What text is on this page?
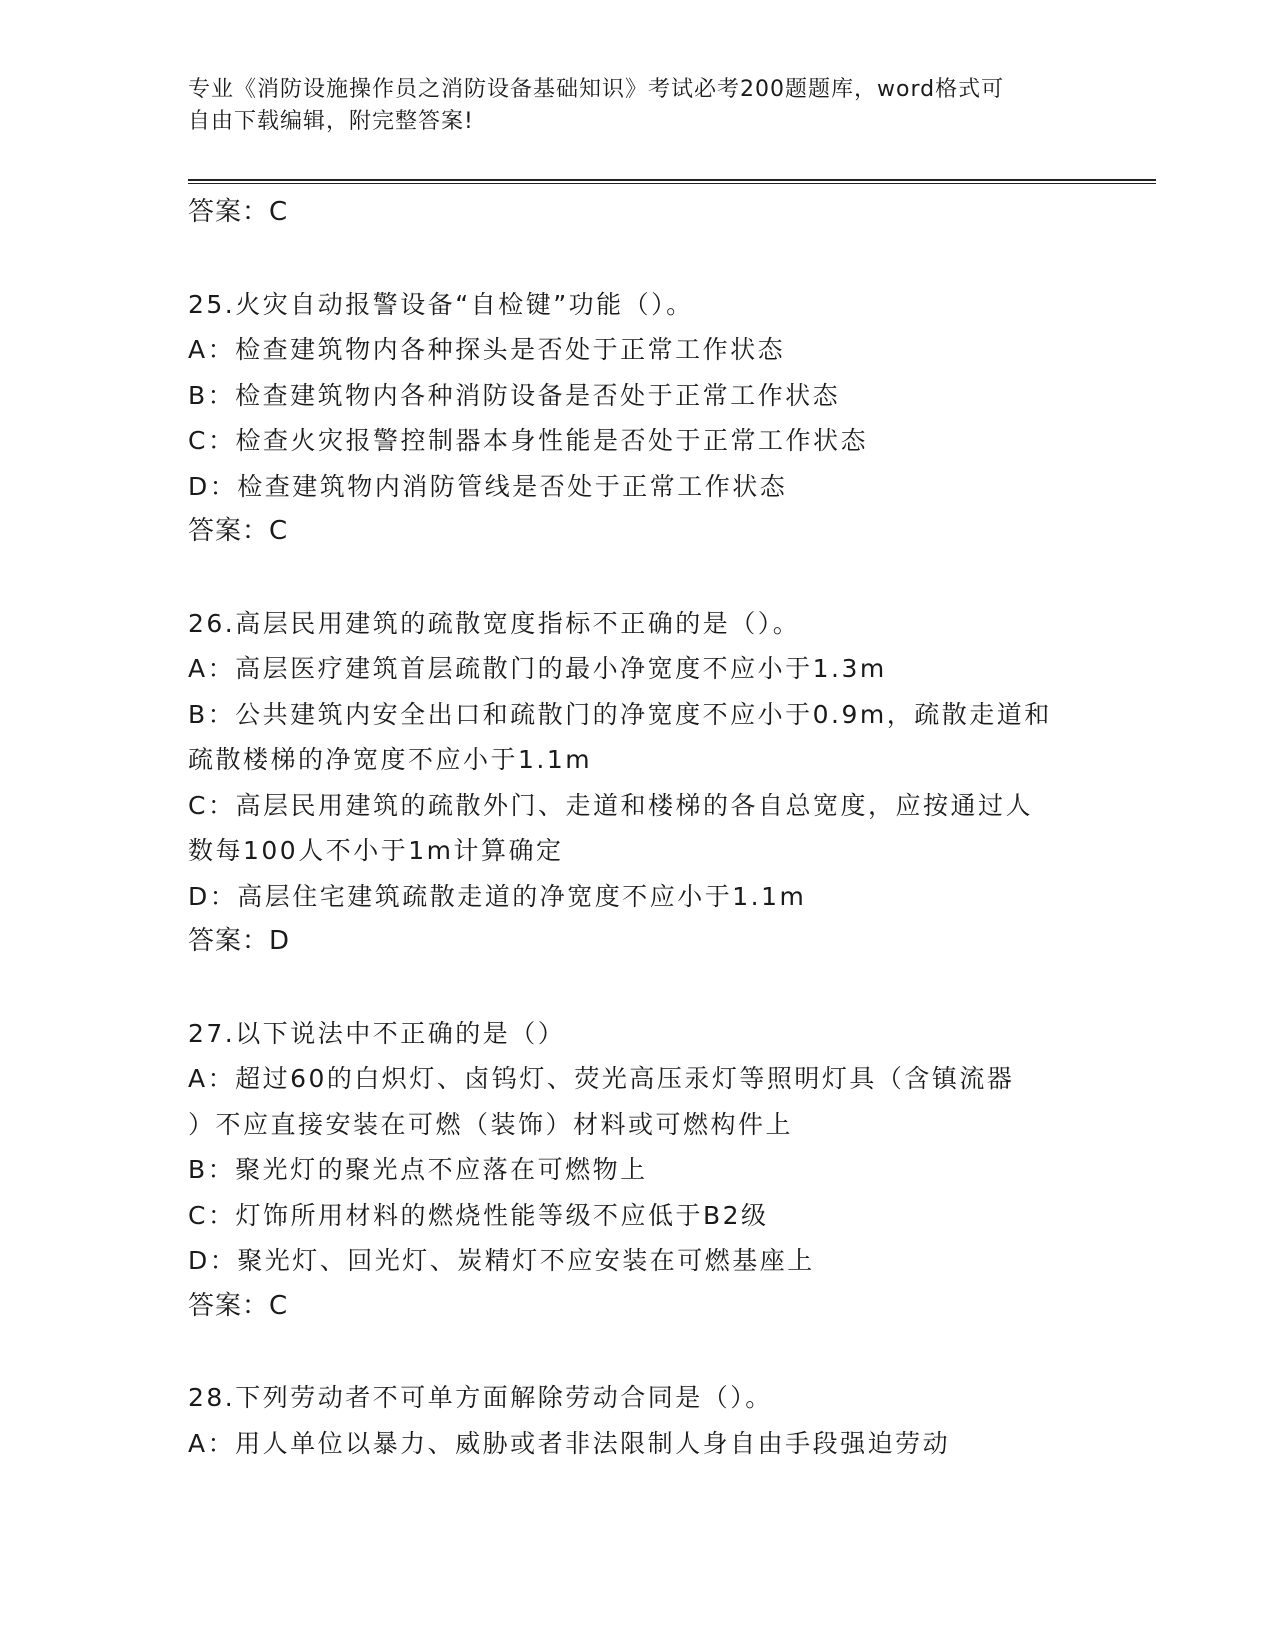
专业《消防设施操作员之消防设备基础知识》考试必考200题题库，word格式可
自由下载编辑，附完整答案!
答案：C
25.火灾自动报警设备“自检键”功能（）。
A：检查建筑物内各种探头是否处于正常工作状态
B：检查建筑物内各种消防设备是否处于正常工作状态
C：检查火灾报警控制器本身性能是否处于正常工作状态
D：检查建筑物内消防管线是否处于正常工作状态
答案：C
26.高层民用建筑的疏散宽度指标不正确的是（）。
A：高层医疗建筑首层疏散门的最小净宽度不应小于1.3m
B：公共建筑内安全出口和疏散门的净宽度不应小于0.9m，疏散走道和
疏散楼梯的净宽度不应小于1.1m
C：高层民用建筑的疏散外门、走道和楼梯的各自总宽度，应按通过人
数每100人不小于1m计算确定
D：高层住宅建筑疏散走道的净宽度不应小于1.1m
答案：D
27.以下说法中不正确的是（）
A：超过60的白炽灯、卤钨灯、荧光高压汞灯等照明灯具（含镇流器
）不应直接安装在可燃（装饰）材料或可燃构件上
B：聚光灯的聚光点不应落在可燃物上
C：灯饰所用材料的燃烧性能等级不应低于B2级
D：聚光灯、回光灯、炭精灯不应安装在可燃基座上
答案：C
28.下列劳动者不可单方面解除劳动合同是（）。
A：用人单位以暴力、威胁或者非法限制人身自由手段强迫劳动
